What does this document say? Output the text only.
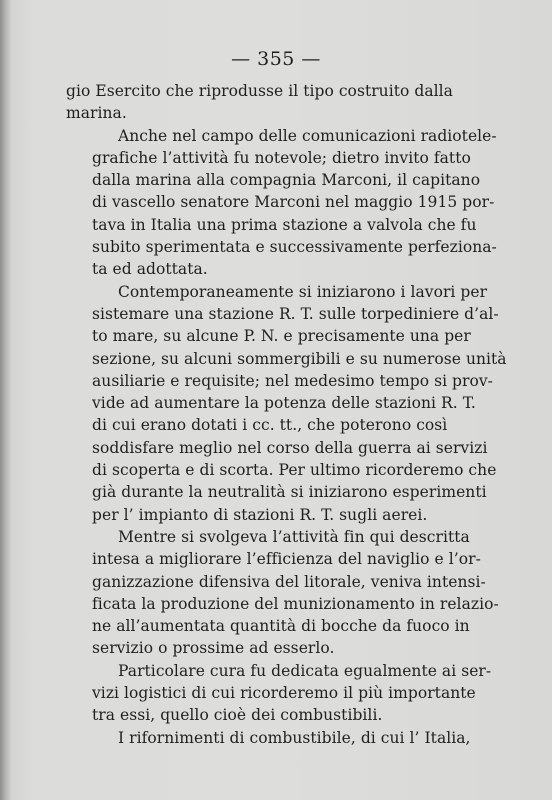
— 355 —

gio Esercito che riprodusse il tipo costruito dalla
marina.

Anche nel campo delle comunicazioni radiotele-
grafiche l’attività fu notevole; dietro invito fatto
dalla marina alla compagnia Marconi, il capitano
di vascello senatore Marconi nel maggio 1915 por-
tava in Italia una prima stazione a valvola che fu
subito sperimentata e successivamente perfeziona-
ta ed adottata.

Contemporaneamente si iniziarono i lavori per
sistemare una stazione R. T. sulle torpediniere d’al-
to mare, su alcune P. N. e precisamente una per
sezione, su alcuni sommergibili e su numerose unità
ausiliarie e requisite; nel medesimo tempo si prov-
vide ad aumentare la potenza delle stazioni R. T.
di cui erano dotati i cc. tt., che poterono così
soddisfare meglio nel corso della guerra ai servizi
di scoperta e di scorta. Per ultimo ricorderemo che
già durante la neutralità si iniziarono esperimenti
per l’ impianto di stazioni R. T. sugli aerei.

Mentre si svolgeva l’attività fin qui descritta
intesa a migliorare l’efficienza del naviglio e l’or-
ganizzazione difensiva del litorale, veniva intensi-
ficata la produzione del munizionamento in relazio-
ne all’aumentata quantità di bocche da fuoco in
servizio o prossime ad esserlo.

Particolare cura fu dedicata egualmente ai ser-
vizi logistici di cui ricorderemo il più importante
tra essi, quello cioè dei combustibili.

I rifornimenti di combustibile, di cui l’ Italia,
